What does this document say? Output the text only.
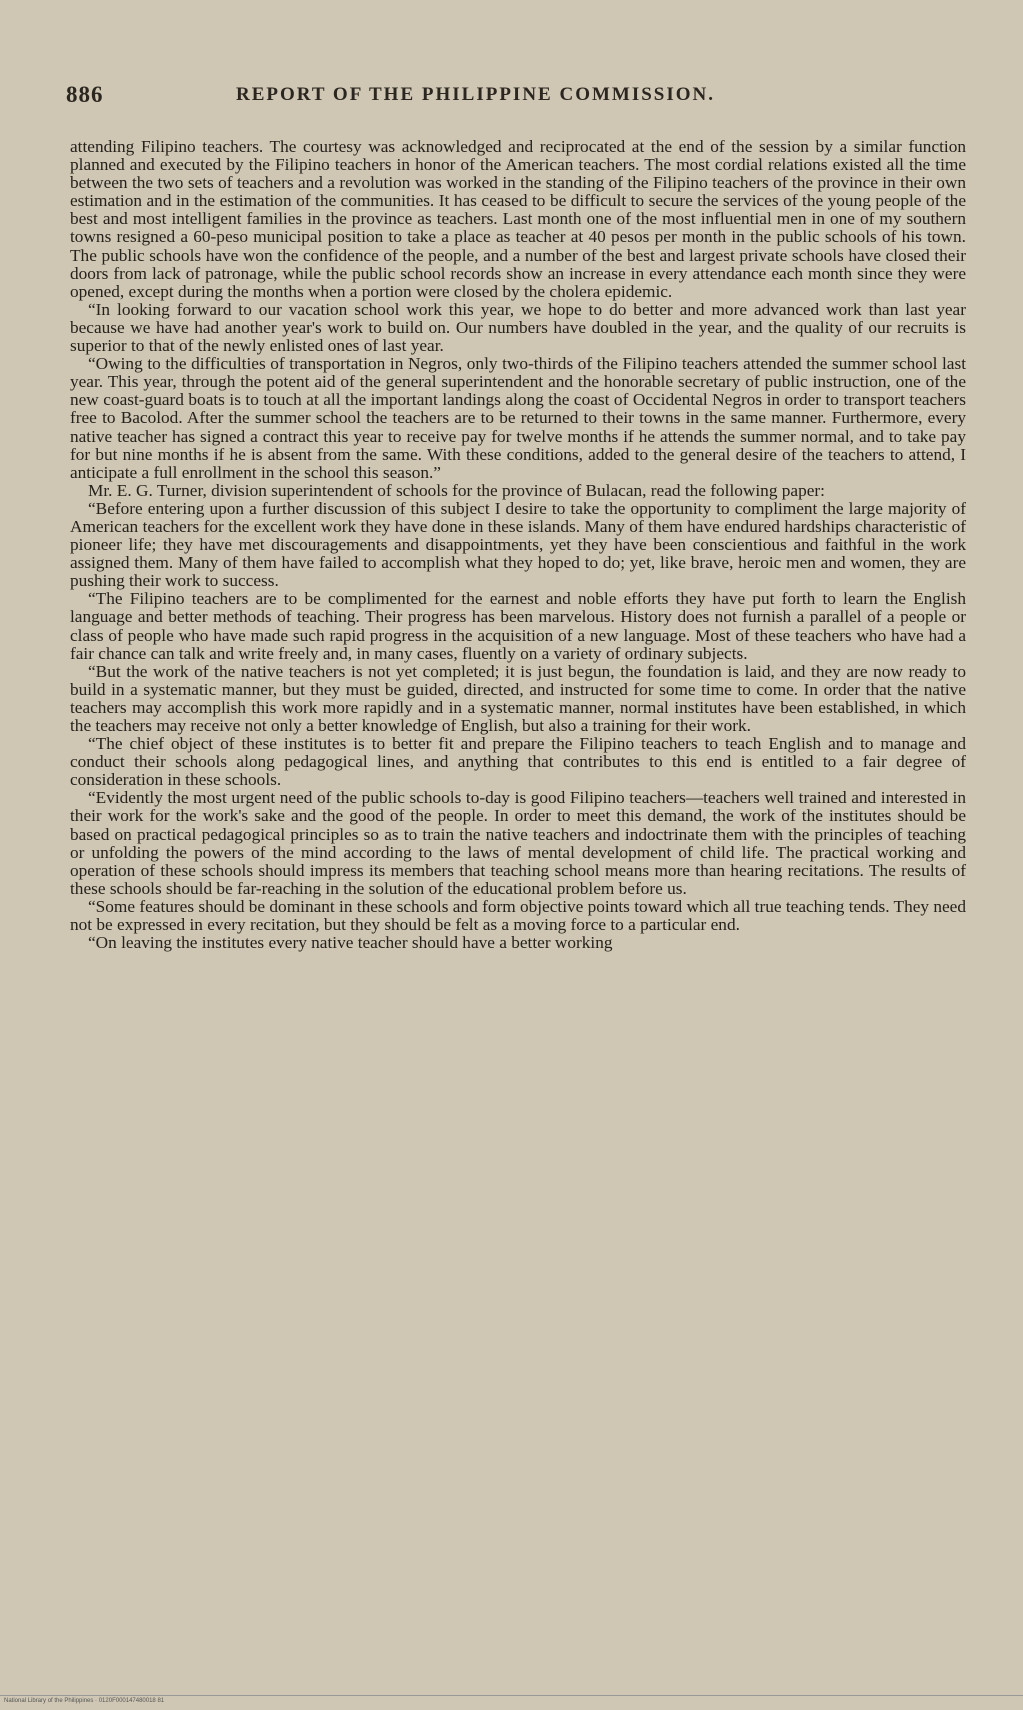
886	REPORT OF THE PHILIPPINE COMMISSION.

attending Filipino teachers. The courtesy was acknowledged and reciprocated at the end of the session by a similar function planned and executed by the Filipino teachers in honor of the American teachers. The most cordial relations existed all the time between the two sets of teachers and a revolution was worked in the standing of the Filipino teachers of the province in their own estimation and in the estimation of the communities. It has ceased to be difficult to secure the services of the young people of the best and most intelligent families in the province as teachers. Last month one of the most influential men in one of my southern towns resigned a 60-peso municipal position to take a place as teacher at 40 pesos per month in the public schools of his town. The public schools have won the confidence of the people, and a number of the best and largest private schools have closed their doors from lack of patronage, while the public school records show an increase in every attendance each month since they were opened, except during the months when a portion were closed by the cholera epidemic.

“In looking forward to our vacation school work this year, we hope to do better and more advanced work than last year because we have had another year's work to build on. Our numbers have doubled in the year, and the quality of our recruits is superior to that of the newly enlisted ones of last year.

“Owing to the difficulties of transportation in Negros, only two-thirds of the Filipino teachers attended the summer school last year. This year, through the potent aid of the general superintendent and the honorable secretary of public instruction, one of the new coast-guard boats is to touch at all the important landings along the coast of Occidental Negros in order to transport teachers free to Bacolod. After the summer school the teachers are to be returned to their towns in the same manner. Furthermore, every native teacher has signed a contract this year to receive pay for twelve months if he attends the summer normal, and to take pay for but nine months if he is absent from the same. With these conditions, added to the general desire of the teachers to attend, I anticipate a full enrollment in the school this season.”

Mr. E. G. Turner, division superintendent of schools for the province of Bulacan, read the following paper:

“Before entering upon a further discussion of this subject I desire to take the opportunity to compliment the large majority of American teachers for the excellent work they have done in these islands. Many of them have endured hardships characteristic of pioneer life; they have met discouragements and disappointments, yet they have been conscientious and faithful in the work assigned them. Many of them have failed to accomplish what they hoped to do; yet, like brave, heroic men and women, they are pushing their work to success.

“The Filipino teachers are to be complimented for the earnest and noble efforts they have put forth to learn the English language and better methods of teaching. Their progress has been marvelous. History does not furnish a parallel of a people or class of people who have made such rapid progress in the acquisition of a new language. Most of these teachers who have had a fair chance can talk and write freely and, in many cases, fluently on a variety of ordinary subjects.

“But the work of the native teachers is not yet completed; it is just begun, the foundation is laid, and they are now ready to build in a systematic manner, but they must be guided, directed, and instructed for some time to come. In order that the native teachers may accomplish this work more rapidly and in a systematic manner, normal institutes have been established, in which the teachers may receive not only a better knowledge of English, but also a training for their work.

“The chief object of these institutes is to better fit and prepare the Filipino teachers to teach English and to manage and conduct their schools along pedagogical lines, and anything that contributes to this end is entitled to a fair degree of consideration in these schools.

“Evidently the most urgent need of the public schools to-day is good Filipino teachers—teachers well trained and interested in their work for the work's sake and the good of the people. In order to meet this demand, the work of the institutes should be based on practical pedagogical principles so as to train the native teachers and indoctrinate them with the principles of teaching or unfolding the powers of the mind according to the laws of mental development of child life. The practical working and operation of these schools should impress its members that teaching school means more than hearing recitations. The results of these schools should be far-reaching in the solution of the educational problem before us.

“Some features should be dominant in these schools and form objective points toward which all true teaching tends. They need not be expressed in every recitation, but they should be felt as a moving force to a particular end.

“On leaving the institutes every native teacher should have a better working

National Library of the Philippines · 0120F000147480018 81
